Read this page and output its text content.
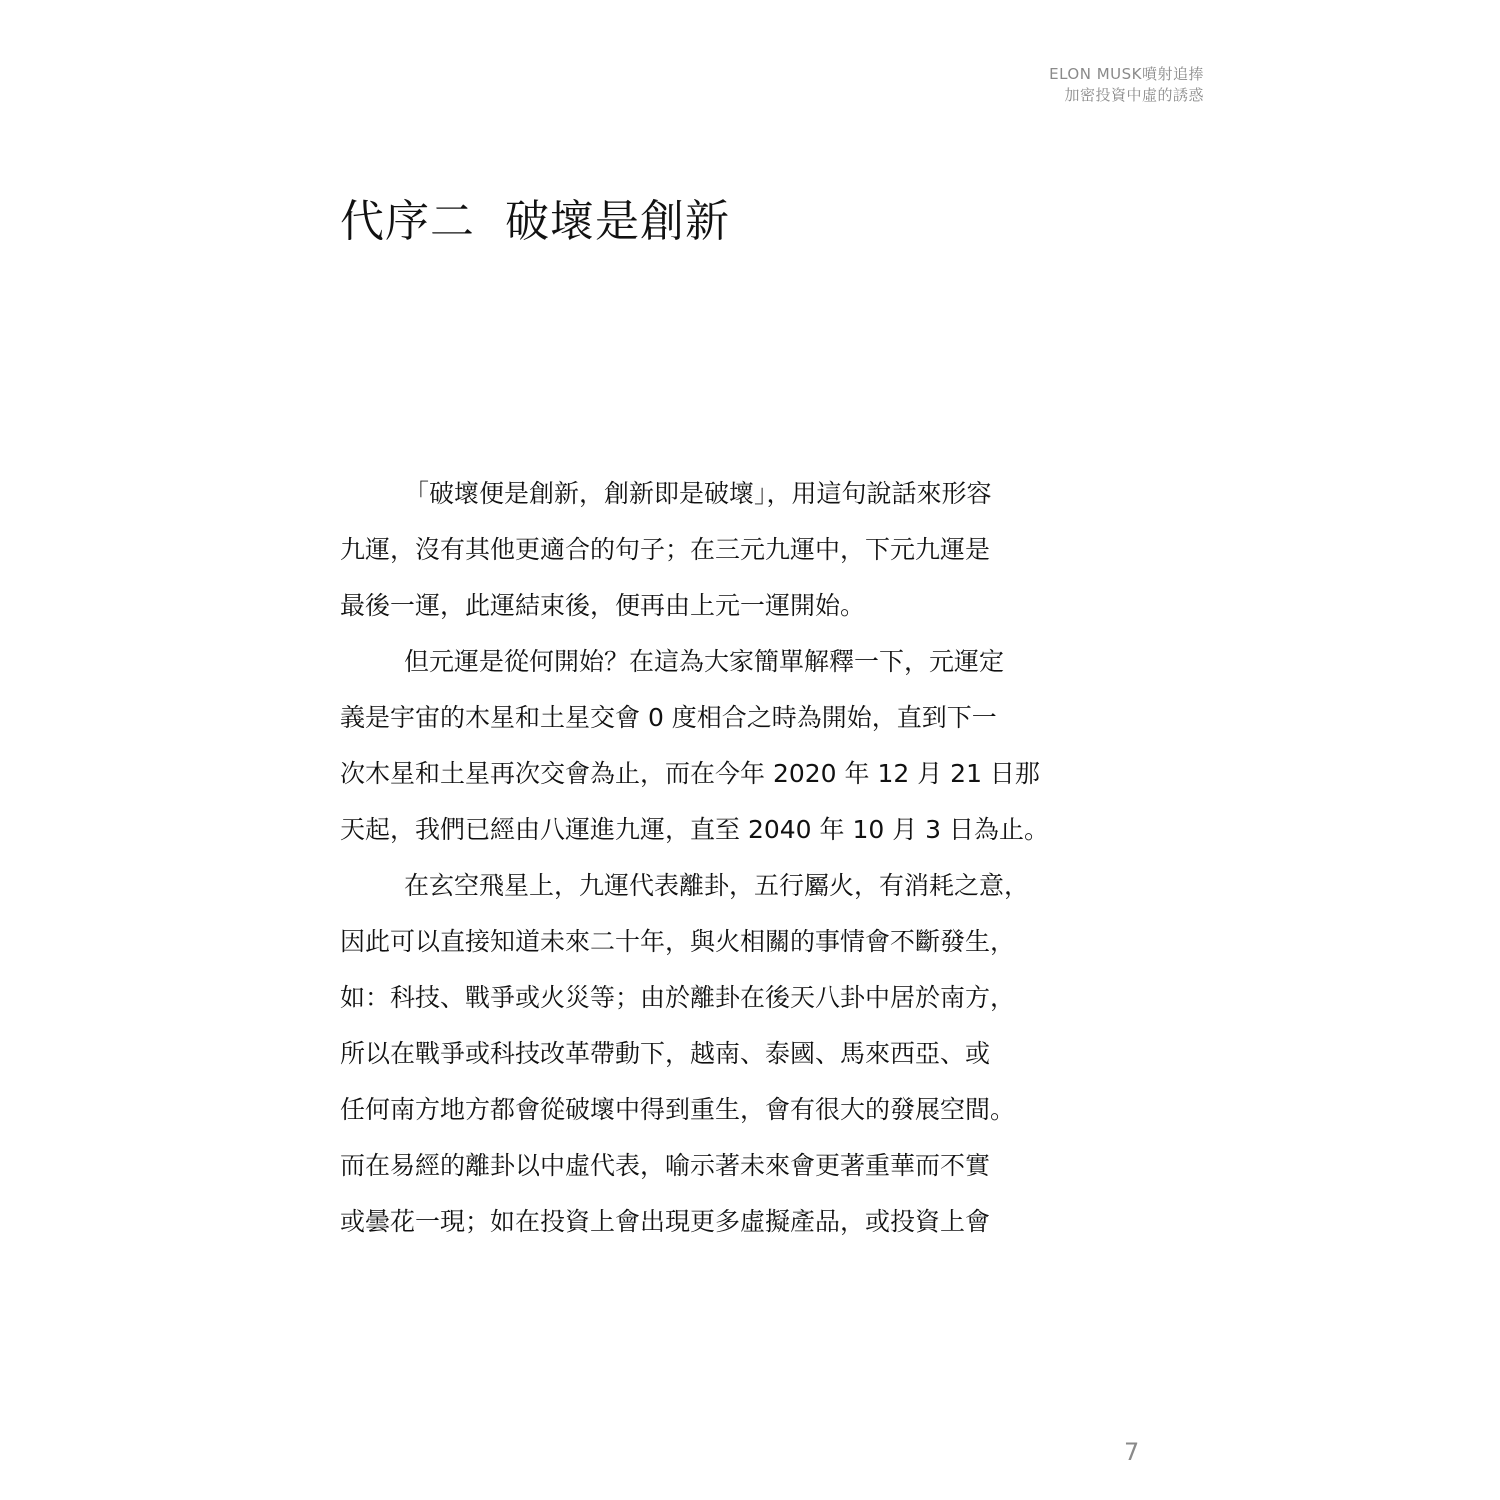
ELON MUSK噴射追捧
加密投資中虛的誘惑
代序二 破壞是創新
「破壞便是創新，創新即是破壞」，用這句說話來形容
九運，沒有其他更適合的句子；在三元九運中，下元九運是
最後一運，此運結束後，便再由上元一運開始。
但元運是從何開始？在這為大家簡單解釋一下，元運定
義是宇宙的木星和土星交會 0 度相合之時為開始，直到下一
次木星和土星再次交會為止，而在今年 2020 年 12 月 21 日那
天起，我們已經由八運進九運，直至 2040 年 10 月 3 日為止。
在玄空飛星上，九運代表離卦，五行屬火，有消耗之意，
因此可以直接知道未來二十年，與火相關的事情會不斷發生，
如：科技、戰爭或火災等；由於離卦在後天八卦中居於南方，
所以在戰爭或科技改革帶動下，越南、泰國、馬來西亞、或
任何南方地方都會從破壞中得到重生，會有很大的發展空間。
而在易經的離卦以中虛代表，喻示著未來會更著重華而不實
或曇花一現；如在投資上會出現更多虛擬產品，或投資上會
7
